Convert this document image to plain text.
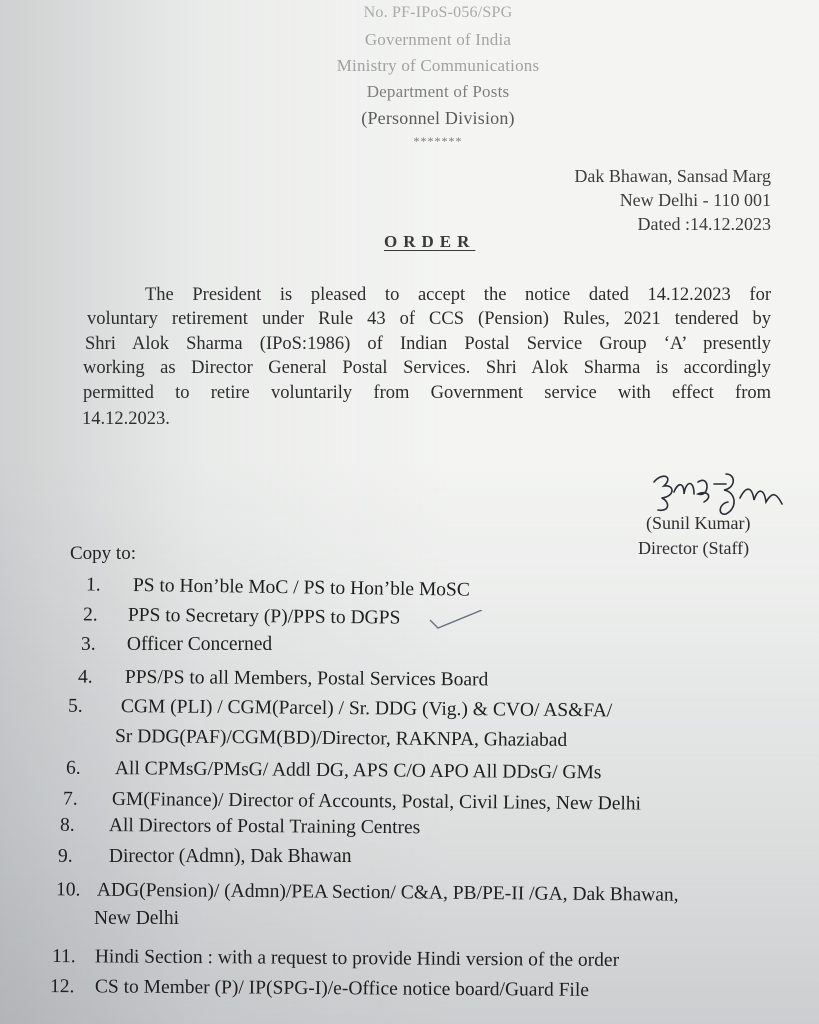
No. PF-IPoS-056/SPG
Government of India
Ministry of Communications
Department of Posts
(Personnel Division)
*******
Dak Bhawan, Sansad Marg
New Delhi - 110 001
Dated :14.12.2023
ORDER
The President is pleased to accept the notice dated 14.12.2023 for
voluntary retirement under Rule 43 of CCS (Pension) Rules, 2021 tendered by
Shri Alok Sharma (IPoS:1986) of Indian Postal Service Group ‘A’ presently
working as Director General Postal Services. Shri Alok Sharma is accordingly
permitted to retire voluntarily from Government service with effect from
14.12.2023.
(Sunil Kumar)
Director (Staff)
Copy to:
1. PS to Hon’ble MoC / PS to Hon’ble MoSC
2. PPS to Secretary (P)/PPS to DGPS
3. Officer Concerned
4. PPS/PS to all Members, Postal Services Board
5. CGM (PLI) / CGM(Parcel) / Sr. DDG (Vig.) & CVO/ AS&FA/
Sr DDG(PAF)/CGM(BD)/Director, RAKNPA, Ghaziabad
6. All CPMsG/PMsG/ Addl DG, APS C/O APO All DDsG/ GMs
7. GM(Finance)/ Director of Accounts, Postal, Civil Lines, New Delhi
8. All Directors of Postal Training Centres
9. Director (Admn), Dak Bhawan
10. ADG(Pension)/ (Admn)/PEA Section/ C&A, PB/PE-II /GA, Dak Bhawan,
New Delhi
11. Hindi Section : with a request to provide Hindi version of the order
12. CS to Member (P)/ IP(SPG-I)/e-Office notice board/Guard File
